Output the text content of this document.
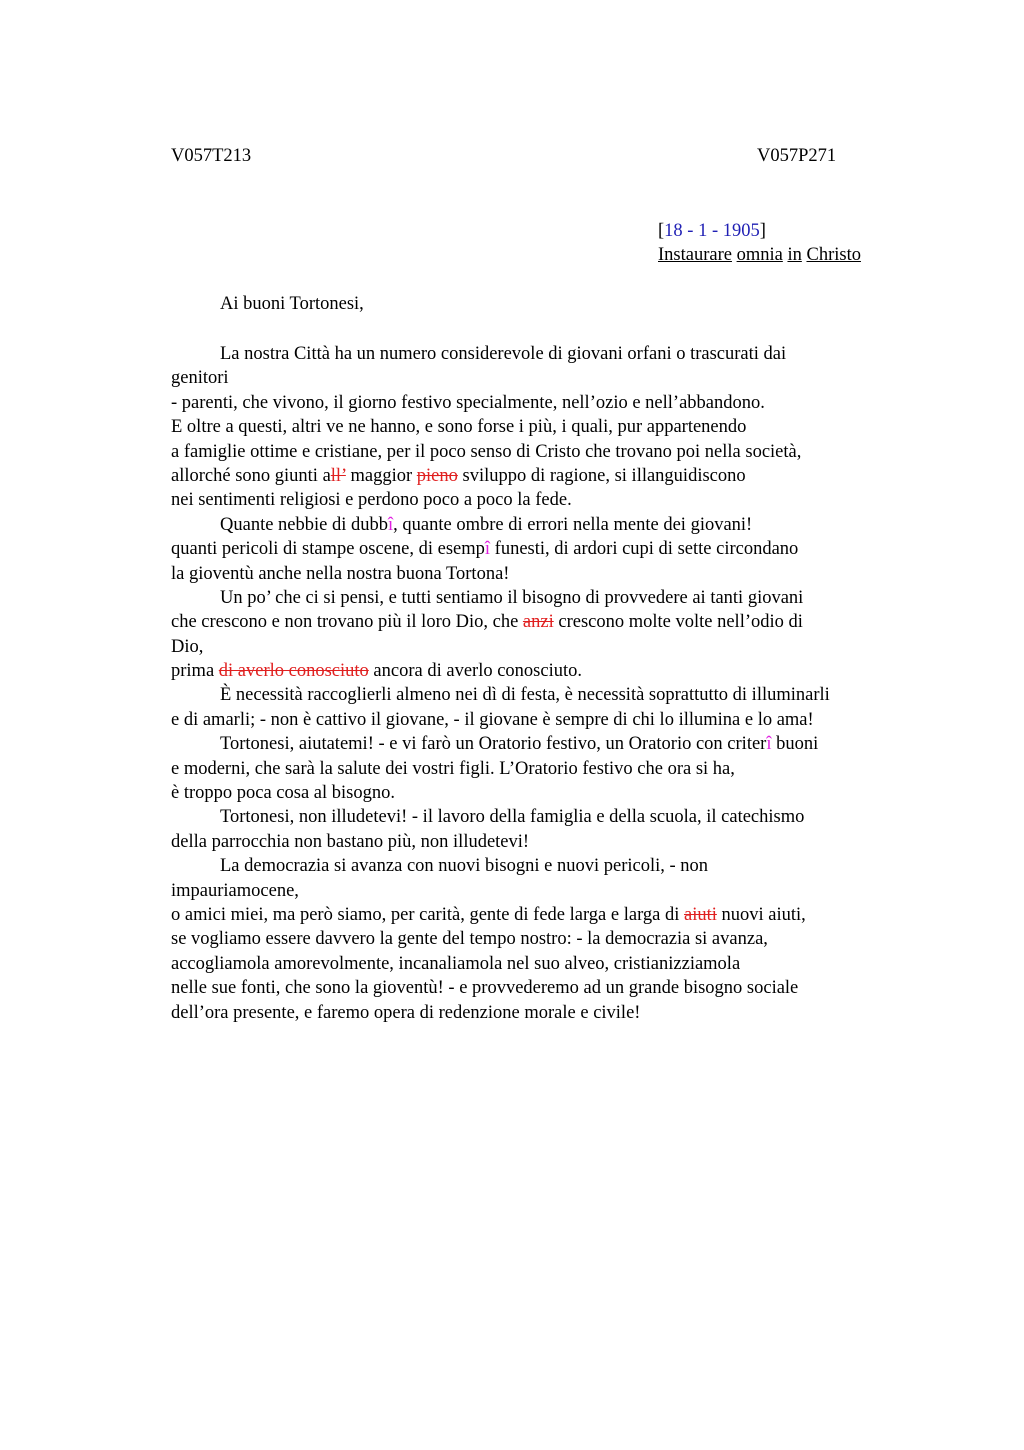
V057T213	V057P271
[18 - 1 - 1905]
Instaurare omnia in Christo
Ai buoni Tortonesi,
La nostra Città ha un numero considerevole di giovani orfani o trascurati dai
genitori
- parenti, che vivono, il giorno festivo specialmente, nell’ozio e nell’abbandono.
E oltre a questi, altri ve ne hanno, e sono forse i più, i quali, pur appartenendo
a famiglie ottime e cristiane, per il poco senso di Cristo che trovano poi nella società,
allorché sono giunti all’ maggior pieno sviluppo di ragione, si illanguidiscono
nei sentimenti religiosi e perdono poco a poco la fede.
Quante nebbie di dubbî, quante ombre di errori nella mente dei giovani!
quanti pericoli di stampe oscene, di esempî funesti, di ardori cupi di sette circondano
la gioventù anche nella nostra buona Tortona!
Un po’ che ci si pensi, e tutti sentiamo il bisogno di provvedere ai tanti giovani
che crescono e non trovano più il loro Dio, che anzi crescono molte volte nell’odio di
Dio,
prima di averlo conosciuto ancora di averlo conosciuto.
È necessità raccoglierli almeno nei dì di festa, è necessità soprattutto di illuminarli
e di amarli; - non è cattivo il giovane, - il giovane è sempre di chi lo illumina e lo ama!
Tortonesi, aiutatemi! - e vi farò un Oratorio festivo, un Oratorio con criterî buoni
e moderni, che sarà la salute dei vostri figli. L’Oratorio festivo che ora si ha,
è troppo poca cosa al bisogno.
Tortonesi, non illudetevi! - il lavoro della famiglia e della scuola, il catechismo
della parrocchia non bastano più, non illudetevi!
La democrazia si avanza con nuovi bisogni e nuovi pericoli, - non
impauriamocene,
o amici miei, ma però siamo, per carità, gente di fede larga e larga di aiuti nuovi aiuti,
se vogliamo essere davvero la gente del tempo nostro: - la democrazia si avanza,
accogliamola amorevolmente, incanaliamola nel suo alveo, cristianizziamola
nelle sue fonti, che sono la gioventù! - e provvederemo ad un grande bisogno sociale
dell’ora presente, e faremo opera di redenzione morale e civile!
